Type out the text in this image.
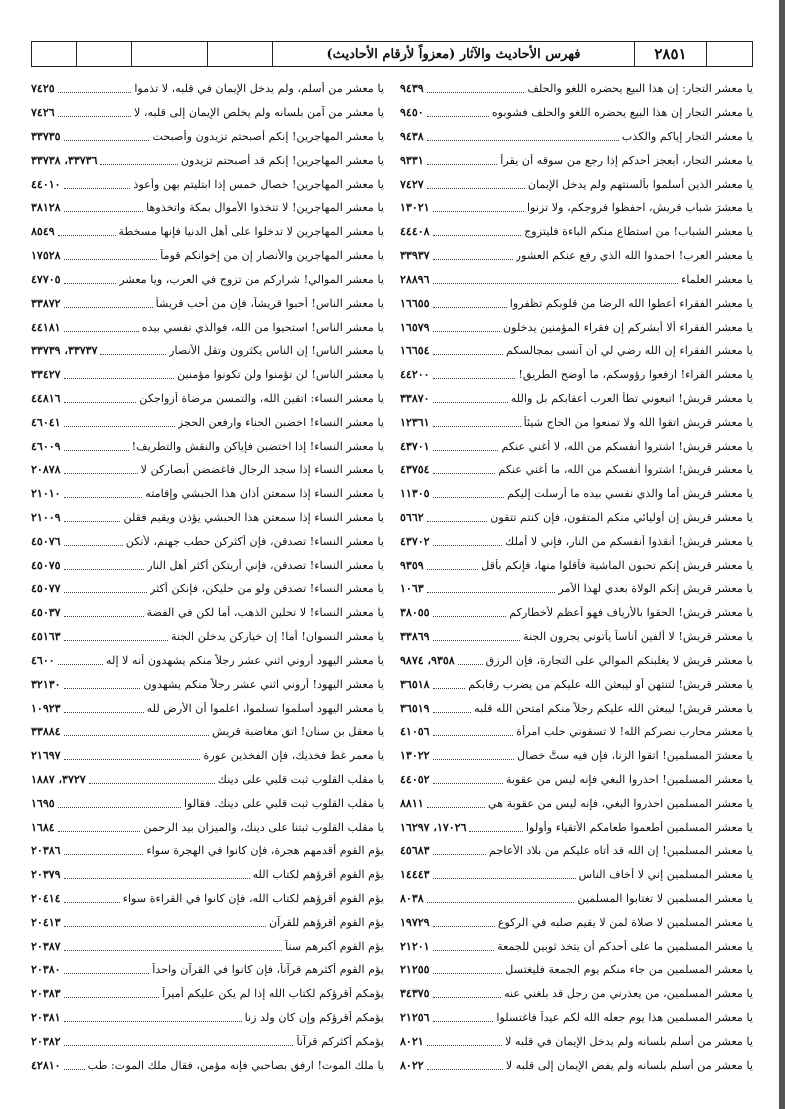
فهرس الأحاديث والآثار (معزواً لأرقام الأحاديث)	٢٨٥١
يا معشر التجار: إن هذا البيع يحضره اللغو والحلف
٩٤٣٩
يا معشر التجار إن هذا البيع يحضره اللغو والحلف فشوبوه
٩٤٥٠
يا معشر التجار إياكم والكذب
٩٤٣٨
يا معشر التجار، أيعجز أحدكم إذا رجع من سوقه أن يقرأ
٩٣٣١
يا معشر الذين أسلموا بألسنتهم ولم يدخل الإيمان
٧٤٢٧
يا معشرَ شباب قريش، احفظوا فروجكم، ولا تزنوا
١٣٠٢١
يا معشر الشباب! من استطاع منكم الباءة فليتزوج
٤٤٤٠٨
يا معشر العرب! احمدوا الله الذي رفع عنكم العشور
٣٣٩٣٧
يا معشر العلماء
٢٨٨٩٦
يا معشر الفقراء أعطوا الله الرضا من قلوبكم تظفروا
١٦٦٥٥
يا معشر الفقراء ألا أبشركم إن فقراء المؤمنين يدخلون
١٦٥٧٩
يا معشر الفقراء إن الله رضي لي أن آنسى بمجالسكم
١٦٦٥٤
يا معشر القراء! ارفعوا رؤوسكم، ما أوضح الطريق!
٤٤٢٠٠
يا معشر قريش! اتبعوني تطأ العرب أعقابكم بل والله
٣٣٨٧٠
يا معشر قريش اتقوا الله ولا تمنعوا من الحاج شيئاً
١٢٣٦١
يا معشر قريش! اشتروا أنفسكم من الله، لا أغني عنكم
٤٣٧٠١
يا معشر قريش! اشتروا أنفسكم من الله، ما أغني عنكم
٤٣٧٥٤
يا معشر قريش أما والذي نفسي بيده ما أرسلت إليكم
١١٣٠٥
يا معشر قريش إن أوليائي منكم المتقون، فإن كنتم تتقون
٥٦٦٢
يا معشر قريش! أنقذوا أنفسكم من النار، فإني لا أملك
٤٣٧٠٢
يا معشر قريش إنكم تحبون الماشية فأقلوا منها، فإنكم بأقل
٩٣٥٩
يا معشر قريش إنكم الولاة بعدي لهذا الأمر
١٠٦٣
يا معشر قريش! الحقوا بالأرياف فهو أعظم لأخطاركم
٣٨٠٥٥
يا معشر قريش! لا ألفين أناساً يأتوني يجرون الجنة
٣٣٨٦٩
يا معشر قريش لا يغلبنكم الموالي على التجارة، فإن الرزق
٩٣٥٨، ٩٨٧٤
يا معشر قريش! لتنتهن أو ليبعثن الله عليكم من يضرب رقابكم
٣٦٥١٨
يا معشر قريش! ليبعثن الله عليكم رجلاً منكم امتحن الله قلبه
٣٦٥١٩
يا معشر محارب نصركم الله! لا تسقوني حلب امرأة
٤١٠٥٦
يا معشرَ المسلمين! اتقوا الزنا، فإن فيه ستَّ خصال
١٣٠٢٢
يا معشر المسلمين! احذروا البغي فإنه ليس من عقوبة
٤٤٠٥٢
يا معشر المسلمين احذروا البغي، فإنه ليس من عقوبة هي
٨٨١١
يا معشر المسلمين أطعموا طعامكم الأتقياء وأولوا
١٧٠٢٦، ١٦٢٩٧
يا معشر المسلمين! إن الله قد أتاه عليكم من بلاد الأعاجم
٤٥٦٨٣
يا معشر المسلمين إني لا أخاف الناس
١٤٤٤٣
يا معشر المسلمين لا تغتابوا المسلمين
٨٠٣٨
يا معشر المسلمين لا صلاة لمن لا يقيم صلبه في الركوع
١٩٧٢٩
يا معشر المسلمين ما على أحدكم أن يتخذ ثوبين للجمعة
٢١٢٠١
يا معشر المسلمين من جاء منكم يوم الجمعة فليغتسل
٢١٢٥٥
يا معشر المسلمين، من يعذرني من رجل قد بلغني عنه
٣٤٣٧٥
يا معشر المسلمين هذا يوم جعله الله لكم عيداً فاغتسلوا
٢١٢٥٦
يا معشر من أسلم بلسانه ولم يدخل الإيمان في قلبه لا
٨٠٢١
يا معشر من أسلم بلسانه ولم يفض الإيمان إلى قلبه لا
٨٠٢٢
يا معشر من أسلم، ولم يدخل الإيمان في قلبه، لا تذموا
٧٤٢٥
يا معشر من آمن بلسانه ولم يخلص الإيمان إلى قلبه، لا
٧٤٢٦
يا معشر المهاجرين! إنكم أصبحتم تزيدون وأصبحت
٣٣٧٣٥
يا معشر المهاجرين! إنكم قد أصبحتم تزيدون
٣٣٧٣٦، ٣٣٧٣٨
يا معشر المهاجرين! خصال خمس إذا ابتليتم بهن وأعوذ
٤٤٠١٠
يا معشر المهاجرين! لا تتخذوا الأموال بمكة واتخذوها
٣٨١٢٨
يا معشر المهاجرين لا تدخلوا على أهل الدنيا فإنها مسخطة
٨٥٤٩
يا معشر المهاجرين والأنصار إن من إخوانكم قوماً
١٧٥٢٨
يا معشر الموالي! شراركم من تزوج في العرب، ويا معشر
٤٧٧٠٥
يا معشر الناس! أحبوا قريشاً، فإن من أحب قريشاً
٣٣٨٧٢
يا معشر الناس! استحيوا من الله، فوالذي نفسي بيده
٤٤١٨١
يا معشر الناس! إن الناس يكثرون وتقل الأنصار
٣٣٧٣٧، ٣٣٧٣٩
يا معشر الناس! لن تؤمنوا ولن تكونوا مؤمنين
٣٣٤٢٧
يا معشر النساء: اتقين الله، والتمسن مرضاة أزواجكن
٤٤٨١٦
يا معشر النساء! اخضبن الحناء وارفعن الحجز
٤٦٠٤١
يا معشر النساء! إذا اختضبن فإياكن والنقش والتطريف!
٤٦٠٠٩
يا معشر النساء إذا سجد الرجال فاغضضن أبصاركن لا
٢٠٨٧٨
يا معشر النساء إذا سمعتن أذان هذا الحبشي وإقامته
٢١٠١٠
يا معشر النساء إذا سمعتن هذا الحبشي يؤذن ويقيم فقلن
٢١٠٠٩
يا معشر النساء! تصدقن، فإن أكثركن حطب جهنم، لأنكن
٤٥٠٧٦
يا معشر النساء! تصدقن، فإني أريتكن أكثر أهل النار
٤٥٠٧٥
يا معشر النساء! تصدقن ولو من حليكن، فإنكن أكثر
٤٥٠٧٧
يا معشر النساء! لا تحلين الذهب، أما لكن في الفضة
٤٥٠٣٧
يا معشر النسوان! أما! إن خياركن يدخلن الجنة
٤٥١٦٣
يا معشر اليهود أروني اثني عشر رجلاً منكم يشهدون أنه لا إله
٤٦٠٠
يا معشر اليهود! أروني اثني عشر رجلاً منكم يشهدون
٣٢١٣٠
يا معشر اليهود أسلموا تسلموا، اعلموا أن الأرض لله
١٠٩٢٣
يا معقل بن سنان! اتق مغاضبة قريش
٣٣٨٨٤
يا معمر غط فخذيك، فإن الفخذين عورة
٢١٦٩٧
يا مقلب القلوب ثبت قلبي على دينك
٣٧٢٧، ١٨٨٧
يا مقلب القلوب ثبت قلبي على دينك. فقالوا
١٦٩٥
يا مقلب القلوب ثبتنا على دينك، والميزان بيد الرحمن
١٦٨٤
يؤم القوم أقدمهم هجرة، فإن كانوا في الهجرة سواء
٢٠٣٨٦
يؤم القوم أقرؤهم لكتاب الله
٢٠٣٧٩
يؤم القوم أقرؤهم لكتاب الله، فإن كانوا في القراءة سواء
٢٠٤١٤
يؤم القوم أقرؤهم للقرآن
٢٠٤١٣
يؤم القوم أكبرهم سناً
٢٠٣٨٧
يؤم القوم أكثرهم قرآناً، فإن كانوا في القرآن واحداً
٢٠٣٨٠
يؤمكم أقرؤكم لكتاب الله إذا لم يكن عليكم أميراً
٢٠٣٨٣
يؤمكم أقرؤكم وإن كان ولد زنا
٢٠٣٨١
يؤمكم أكثركم قرآناً
٢٠٣٨٢
يا ملك الموت! ارفق بصاحبي فإنه مؤمن، فقال ملك الموت: طب
٤٢٨١٠
